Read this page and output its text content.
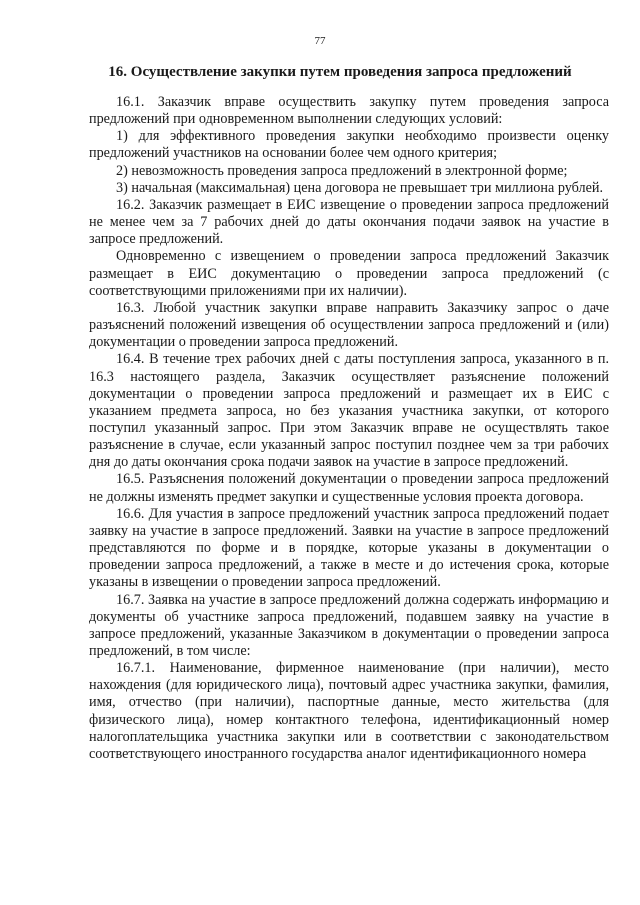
77
16. Осуществление закупки путем проведения запроса предложений

16.1. Заказчик вправе осуществить закупку путем проведения запроса предложений при одновременном выполнении следующих условий:

1) для эффективного проведения закупки необходимо произвести оценку предложений участников на основании более чем одного критерия;

2) невозможность проведения запроса предложений в электронной форме;

3) начальная (максимальная) цена договора не превышает три миллиона рублей.

16.2. Заказчик размещает в ЕИС извещение о проведении запроса предложений не менее чем за 7 рабочих дней до даты окончания подачи заявок на участие в запросе предложений.

Одновременно с извещением о проведении запроса предложений Заказчик размещает в ЕИС документацию о проведении запроса предложений (с соответствующими приложениями при их наличии).

16.3. Любой участник закупки вправе направить Заказчику запрос о даче разъяснений положений извещения об осуществлении запроса предложений и (или) документации о проведении запроса предложений.

16.4. В течение трех рабочих дней с даты поступления запроса, указанного в п. 16.3 настоящего раздела, Заказчик осуществляет разъяснение положений документации о проведении запроса предложений и размещает их в ЕИС с указанием предмета запроса, но без указания участника закупки, от которого поступил указанный запрос. При этом Заказчик вправе не осуществлять такое разъяснение в случае, если указанный запрос поступил позднее чем за три рабочих дня до даты окончания срока подачи заявок на участие в запросе предложений.

16.5. Разъяснения положений документации о проведении запроса предложений не должны изменять предмет закупки и существенные условия проекта договора.

16.6. Для участия в запросе предложений участник запроса предложений подает заявку на участие в запросе предложений. Заявки на участие в запросе предложений представляются по форме и в порядке, которые указаны в документации о проведении запроса предложений, а также в месте и до истечения срока, которые указаны в извещении о проведении запроса предложений.

16.7. Заявка на участие в запросе предложений должна содержать информацию и документы об участнике запроса предложений, подавшем заявку на участие в запросе предложений, указанные Заказчиком в документации о проведении запроса предложений, в том числе:

16.7.1. Наименование, фирменное наименование (при наличии), место нахождения (для юридического лица), почтовый адрес участника закупки, фамилия, имя, отчество (при наличии), паспортные данные, место жительства (для физического лица), номер контактного телефона, идентификационный номер налогоплательщика участника закупки или в соответствии с законодательством соответствующего иностранного государства аналог идентификационного номера
